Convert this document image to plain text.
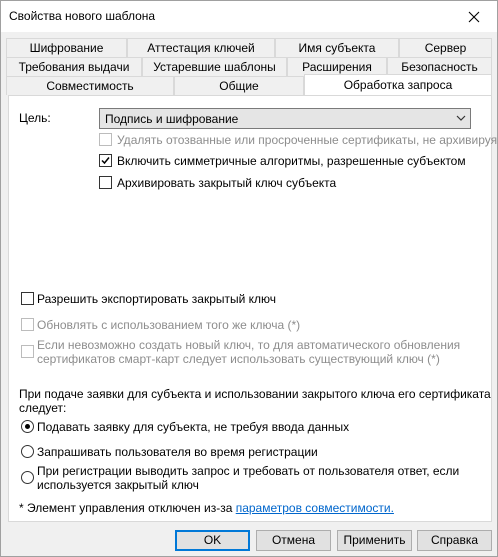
Свойства нового шаблона
Шифрование	Аттестация ключей	Имя субъекта	Сервер
Требования выдачи	Устаревшие шаблоны	Расширения	Безопасность
Совместимость	Общие	Обработка запроса
Цель:	Подпись и шифрование
Удалять отозванные или просроченные сертификаты, не архивируя
Включить симметричные алгоритмы, разрешенные субъектом
Архивировать закрытый ключ субъекта
Разрешить экспортировать закрытый ключ
Обновлять с использованием того же ключа (*)
Если невозможно создать новый ключ, то для автоматического обновления
сертификатов смарт-карт следует использовать существующий ключ (*)
При подаче заявки для субъекта и использовании закрытого ключа его сертификата
следует:
Подавать заявку для субъекта, не требуя ввода данных
Запрашивать пользователя во время регистрации
При регистрации выводить запрос и требовать от пользователя ответ, если
используется закрытый ключ
* Элемент управления отключен из-за параметров совместимости.
OK	Отмена	Применить	Справка
